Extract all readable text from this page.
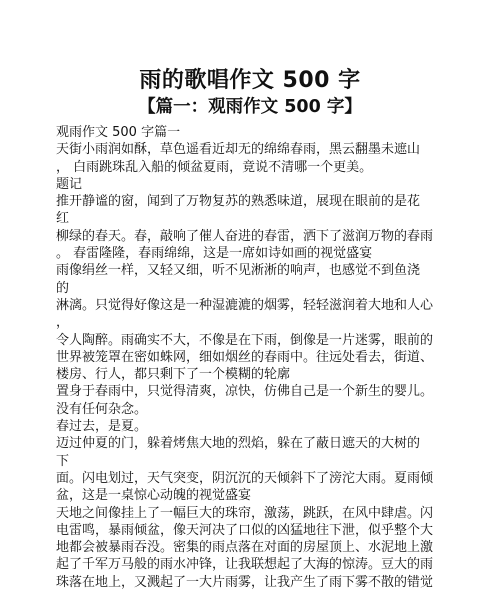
雨的歌唱作文 500 字
【篇一：观雨作文 500 字】
观雨作文 500 字篇一
天街小雨润如酥，草色遥看近却无的绵绵春雨，黑云翻墨未遮山
， 白雨跳珠乱入船的倾盆夏雨，竟说不清哪一个更美。
题记
推开静谧的窗，闻到了万物复苏的熟悉味道，展现在眼前的是花
红
柳绿的春天。春，敲响了催人奋进的春雷，洒下了滋润万物的春雨
。 春雷隆隆，春雨绵绵，这是一席如诗如画的视觉盛宴
雨像绢丝一样，又轻又细，听不见淅淅的响声，也感觉不到鱼浇
的
淋漓。只觉得好像这是一种湿漉漉的烟雾，轻轻滋润着大地和人心
，
令人陶醉。雨确实不大，不像是在下雨，倒像是一片迷雾，眼前的
世界被笼罩在密如蛛网，细如烟丝的春雨中。往远处看去，街道、
楼房、行人，都只剩下了一个模糊的轮廓
置身于春雨中，只觉得清爽，凉快，仿佛自己是一个新生的婴儿。
没有任何杂念。
春过去，是夏。
迈过仲夏的门，躲着烤焦大地的烈焰，躲在了蔽日遮天的大树的
下
面。闪电划过，天气突变，阴沉沉的天倾斜下了滂沱大雨。夏雨倾
盆，这是一桌惊心动魄的视觉盛宴
天地之间像挂上了一幅巨大的珠帘，激荡，跳跃，在风中肆虐。闪
电雷鸣，暴雨倾盆，像天河决了口似的凶猛地往下泄，似乎整个大
地都会被暴雨吞没。密集的雨点落在对面的房屋顶上、水泥地上激
起了千军万马般的雨水冲锋，让我联想起了大海的惊涛。豆大的雨
珠落在地上，又溅起了一大片雨雾，让我产生了雨下雾不散的错觉
